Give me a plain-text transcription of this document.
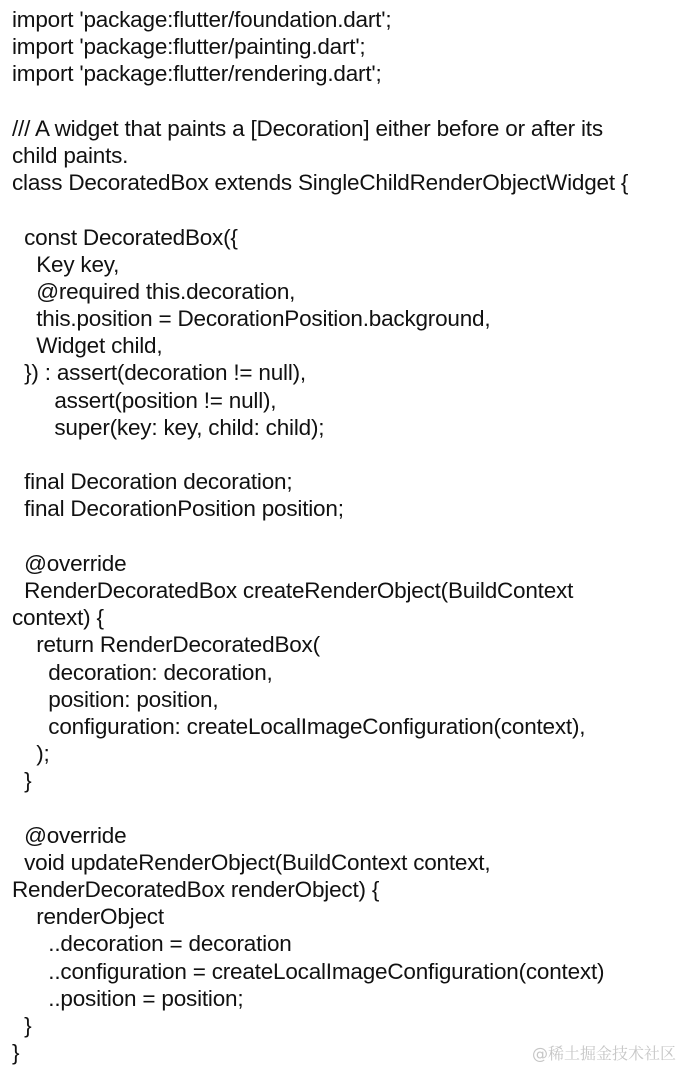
import 'package:flutter/foundation.dart';
import 'package:flutter/painting.dart';
import 'package:flutter/rendering.dart';
/// A widget that paints a [Decoration] either before or after its
child paints.
class DecoratedBox extends SingleChildRenderObjectWidget {
const DecoratedBox({
Key key,
@required this.decoration,
this.position = DecorationPosition.background,
Widget child,
}) : assert(decoration != null),
assert(position != null),
super(key: key, child: child);
final Decoration decoration;
final DecorationPosition position;
@override
RenderDecoratedBox createRenderObject(BuildContext
context) {
return RenderDecoratedBox(
decoration: decoration,
position: position,
configuration: createLocalImageConfiguration(context),
);
}
@override
void updateRenderObject(BuildContext context,
RenderDecoratedBox renderObject) {
renderObject
..decoration = decoration
..configuration = createLocalImageConfiguration(context)
..position = position;
}
}	@稀土掘金技术社区
